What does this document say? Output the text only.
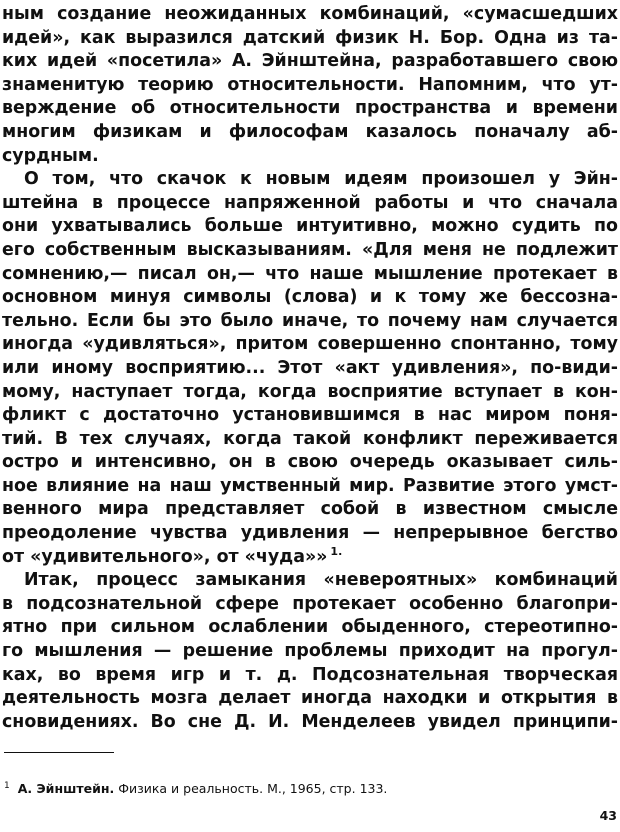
ным создание неожиданных комбинаций, «сумасшедших
идей», как выразился датский физик Н. Бор. Одна из та-
ких идей «посетила» А. Эйнштейна, разработавшего свою
знаменитую теорию относительности. Напомним, что ут-
верждение об относительности пространства и времени
многим физикам и философам казалось поначалу аб-
сурдным.
О том, что скачок к новым идеям произошел у Эйн-
штейна в процессе напряженной работы и что сначала
они ухватывались больше интуитивно, можно судить по
его собственным высказываниям. «Для меня не подлежит
сомнению,— писал он,— что наше мышление протекает в
основном минуя символы (слова) и к тому же бессозна-
тельно. Если бы это было иначе, то почему нам случается
иногда «удивляться», притом совершенно спонтанно, тому
или иному восприятию... Этот «акт удивления», по-види-
мому, наступает тогда, когда восприятие вступает в кон-
фликт с достаточно установившимся в нас миром поня-
тий. В тех случаях, когда такой конфликт переживается
остро и интенсивно, он в свою очередь оказывает силь-
ное влияние на наш умственный мир. Развитие этого умст-
венного мира представляет собой в известном смысле
преодоление чувства удивления — непрерывное бегство
от «удивительного», от «чуда»» $^{1.}$
Итак, процесс замыкания «невероятных» комбинаций
в подсознательной сфере протекает особенно благопри-
ятно при сильном ослаблении обыденного, стереотипно-
го мышления — решение проблемы приходит на прогул-
ках, во время игр и т. д. Подсознательная творческая
деятельность мозга делает иногда находки и открытия в
сновидениях. Во сне Д. И. Менделеев увидел принципи-
$^1$ А. Эйнштейн. Физика и реальность. М., 1965, стр. 133.
43
